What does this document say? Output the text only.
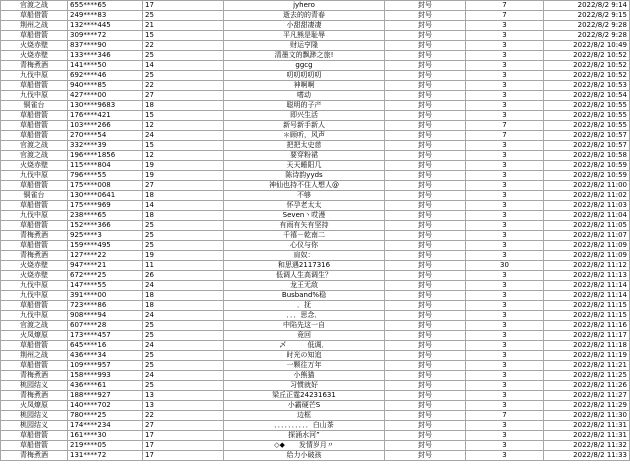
官渡之战	655****65	17	jyhero	封号	7	2022/8/2 9:14
草船借箭	249****83	25	逝去的的青春	封号	7	2022/8/2 9:15
荆州之战	132****445	21	小甜甜凄凄	封号	3	2022/8/2 9:28
草船借箭	309****72	15	平凡熊是耻辱	封号	3	2022/8/2 9:28
火烧赤壁	837****90	22	财运亨隆	封号	3	2022/8/2 10:49
火烧赤壁	133****346	25	清墨文的飘渺之旅!	封号	3	2022/8/2 10:52
青梅煮酒	141****50	14	ggcg	封号	3	2022/8/2 10:52
九伐中原	692****46	25	叨叨叨叨叨	封号	3	2022/8/2 10:52
草船借箭	940****85	22	神啊啊	封号	3	2022/8/2 10:53
九伐中原	427****00	27	嗜动	封号	3	2022/8/2 10:54
铜雀台	130****9683	18	聪明的子产	封号	3	2022/8/2 10:55
草船借箭	176****421	15	即兴生活	封号	3	2022/8/2 10:55
草船借箭	103****266	12	新号新手新人	封号	7	2022/8/2 10:55
草船借箭	270****54	24	＊顾听，风声	封号	7	2022/8/2 10:57
官渡之战	332****39	15	把把太史慈	封号	3	2022/8/2 10:57
官渡之战	196****1856	12	要穿粉裙	封号	3	2022/8/2 10:58
火烧赤壁	115****804	19	天天睡阳几	封号	3	2022/8/2 10:59
九伐中原	796****55	19	陈诗韵yyds	封号	3	2022/8/2 10:59
草船借箭	175****008	27	神仙也持不住人想人@	封号	3	2022/8/2 11:00
铜雀台	130****0641	18	不够	封号	3	2022/8/2 11:02
草船借箭	175****969	14	怀孕老太太	封号	3	2022/8/2 11:03
九伐中原	238****65	18	Seven丶哎漫	封号	3	2022/8/2 11:04
草船借箭	152****366	25	有雨有矢有坚持	封号	3	2022/8/2 11:05
青梅煮酒	925****3	25	千禧－乾南二	封号	3	2022/8/2 11:07
草船借箭	159****495	25	心仪与你	封号	3	2022/8/2 11:09
青梅煮酒	127****22	19	肩奴：	封号	3	2022/8/2 11:09
火烧赤壁	947****21	11	和思遇2117316	封号	30	2022/8/2 11:12
火烧赤壁	672****25	26	低调人生高调生？	封号	3	2022/8/2 11:13
九伐中原	147****55	24	龙王无敌	封号	3	2022/8/2 11:14
九伐中原	391****00	18	Busband%稳	封号	3	2022/8/2 11:14
草船借箭	723****86	18	．抚	封号	3	2022/8/2 11:15
九伐中原	908****94	24	．．．思念．	封号	3	2022/8/2 11:15
官渡之战	607****28	25	中陷先这一自	封号	3	2022/8/2 11:16
火凤燎原	173****457	25	竟回	封号	3	2022/8/2 11:17
草船借箭	645****16	24	乄　　　低调．	封号	3	2022/8/2 11:18
荆州之战	436****34	25	时光の知追	封号	3	2022/8/2 11:19
草船借箭	109****957	25	一颗往万年	封号	3	2022/8/2 11:21
青梅煮酒	158****993	24	小熊猫	封号	3	2022/8/2 11:25
桃园结义	436****61	25	习惯就好	封号	3	2022/8/2 11:26
青梅煮酒	188****927	13	梁丘正霆24231631	封号	3	2022/8/2 11:27
火凤燎原	140****702	13	小霸硬芒S	封号	3	2022/8/2 11:29
桃园结义	780****25	22	边框	封号	7	2022/8/2 11:30
桃园结义	174****234	27	．．．．．．．．．．白山茶	封号	3	2022/8/2 11:31
草船借箭	161****30	17	探涌水河”	封号	3	2022/8/2 11:31
草船借箭	219****05	17	◇◆　　发情岁月〃	封号	3	2022/8/2 11:32
青梅煮酒	131****72	17	给力小破孩	封号	3	2022/8/2 11:33
